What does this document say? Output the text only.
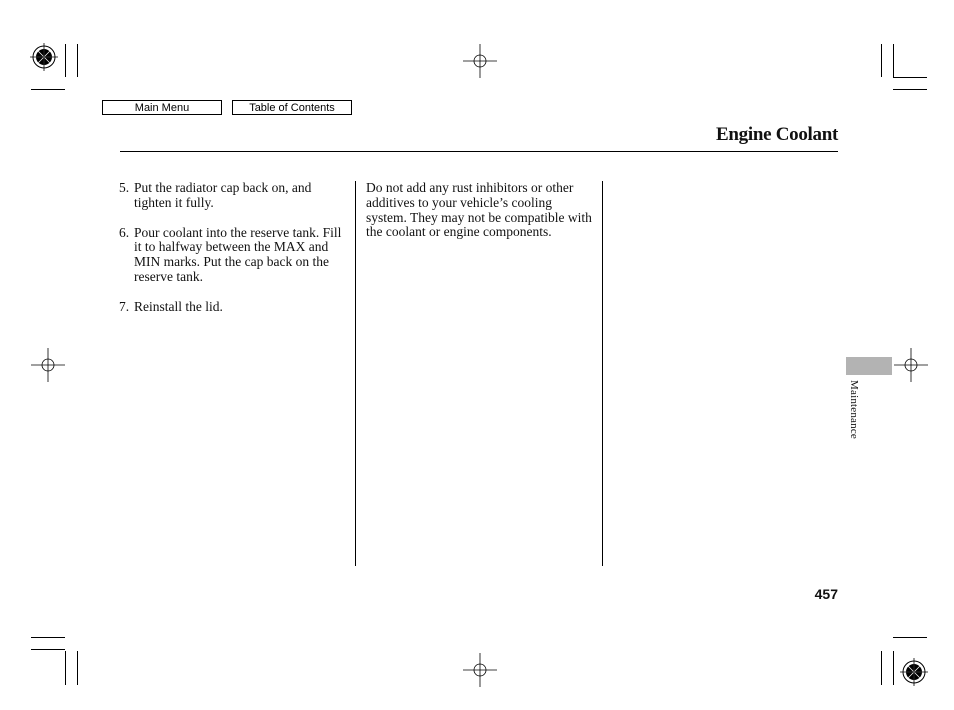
Main Menu	Table of Contents
Engine Coolant
5. Put the radiator cap back on, and tighten it fully.
6. Pour coolant into the reserve tank. Fill it to halfway between the MAX and MIN marks. Put the cap back on the reserve tank.
7. Reinstall the lid.
Do not add any rust inhibitors or other additives to your vehicle’s cooling system. They may not be compatible with the coolant or engine components.
Maintenance
457
